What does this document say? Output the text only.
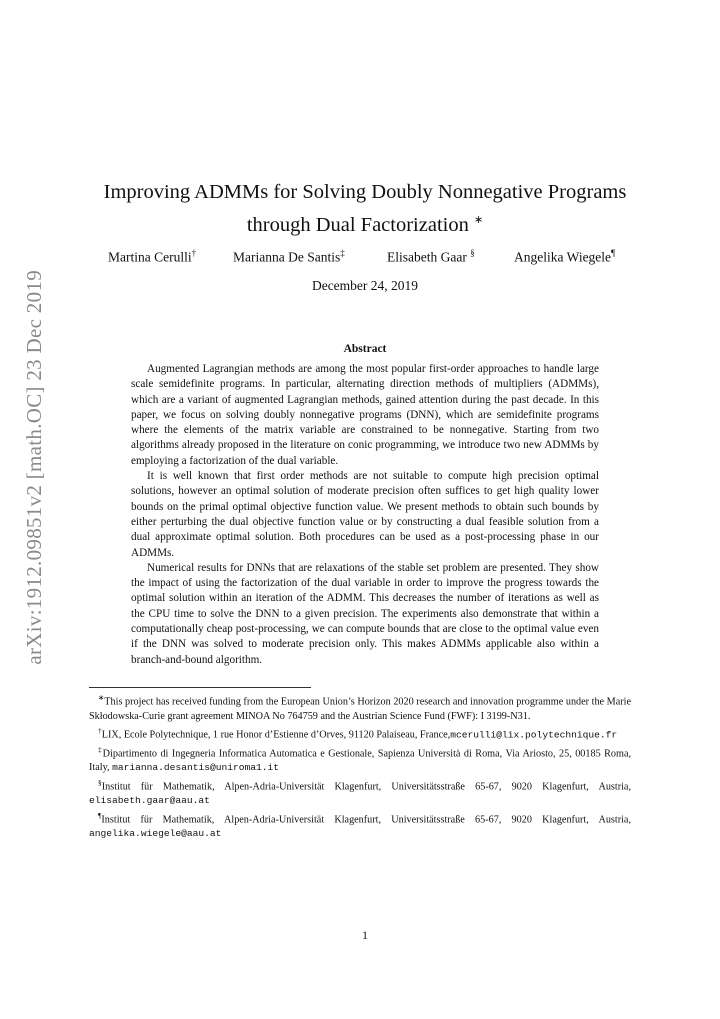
arXiv:1912.09851v2 [math.OC] 23 Dec 2019
Improving ADMMs for Solving Doubly Nonnegative Programs
through Dual Factorization ∗
Martina Cerulli†	Marianna De Santis‡	Elisabeth Gaar §	Angelika Wiegele¶
December 24, 2019
Abstract

Augmented Lagrangian methods are among the most popular first-order approaches to handle large scale semidefinite programs. In particular, alternating direction methods of multipliers (ADMMs), which are a variant of augmented Lagrangian methods, gained attention during the past decade. In this paper, we focus on solving doubly nonnegative programs (DNN), which are semidefinite programs where the elements of the matrix variable are constrained to be nonnegative. Starting from two algorithms already proposed in the literature on conic programming, we introduce two new ADMMs by employing a factorization of the dual variable.

It is well known that first order methods are not suitable to compute high precision optimal solutions, however an optimal solution of moderate precision often suffices to get high quality lower bounds on the primal optimal objective function value. We present methods to obtain such bounds by either perturbing the dual objective function value or by constructing a dual feasible solution from a dual approximate optimal solution. Both procedures can be used as a post-processing phase in our ADMMs.

Numerical results for DNNs that are relaxations of the stable set problem are presented. They show the impact of using the factorization of the dual variable in order to improve the progress towards the optimal solution within an iteration of the ADMM. This decreases the number of iterations as well as the CPU time to solve the DNN to a given precision. The experiments also demonstrate that within a computationally cheap post-processing, we can compute bounds that are close to the optimal value even if the DNN was solved to moderate precision only. This makes ADMMs applicable also within a branch-and-bound algorithm.

∗This project has received funding from the European Union’s Horizon 2020 research and innovation programme under the Marie Skłodowska-Curie grant agreement MINOA No 764759 and the Austrian Science Fund (FWF): I 3199-N31.

†LIX, Ecole Polytechnique, 1 rue Honor d’Estienne d’Orves, 91120 Palaiseau, France,mcerulli@lix.polytechnique.fr

‡Dipartimento di Ingegneria Informatica Automatica e Gestionale, Sapienza Università di Roma, Via Ariosto, 25, 00185 Roma, Italy, marianna.desantis@uniroma1.it

§Institut für Mathematik, Alpen-Adria-Universität Klagenfurt, Universitätsstraße 65-67, 9020 Klagenfurt, Austria, elisabeth.gaar@aau.at

¶Institut für Mathematik, Alpen-Adria-Universität Klagenfurt, Universitätsstraße 65-67, 9020 Klagenfurt, Austria, angelika.wiegele@aau.at

1
